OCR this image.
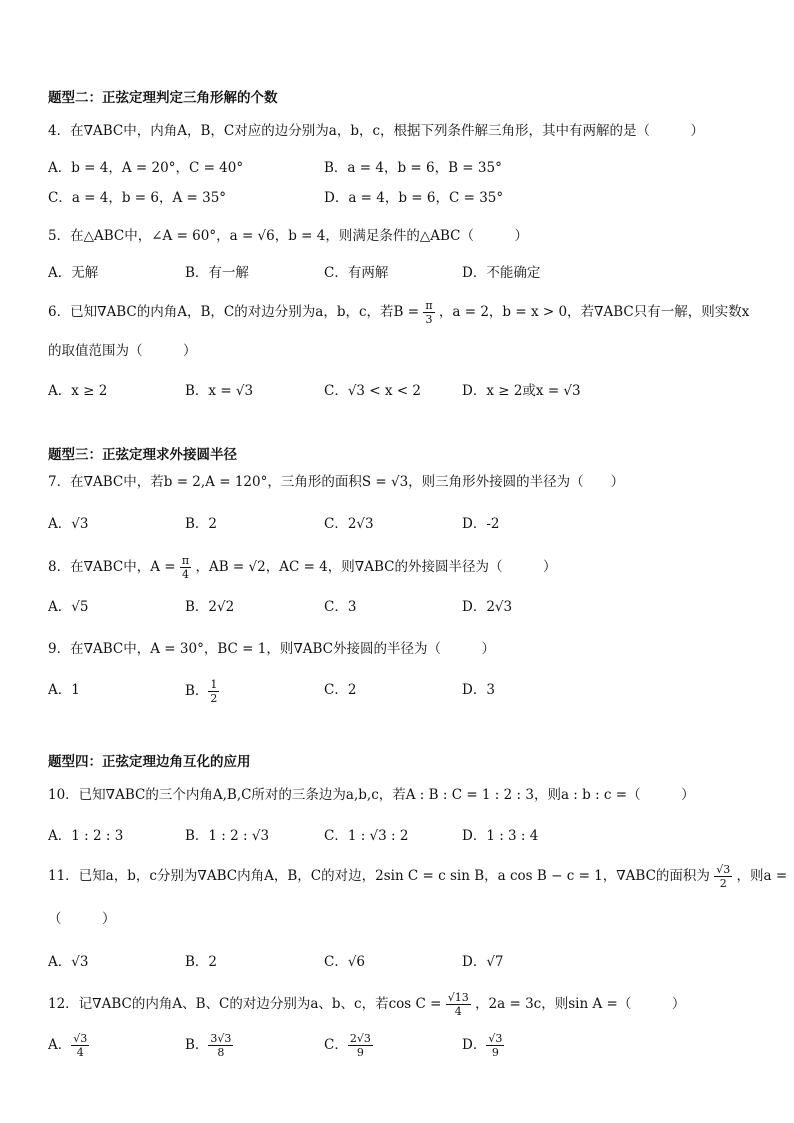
题型二：正弦定理判定三角形解的个数
4．在∇ABC中，内角A，B，C对应的边分别为a，b，c，根据下列条件解三角形，其中有两解的是（　　　）
A．b = 4，A = 20°，C = 40°	B．a = 4，b = 6，B = 35°
C．a = 4，b = 6，A = 35°	D．a = 4，b = 6，C = 35°
5．在△ABC中，∠A = 60°，a = √6，b = 4，则满足条件的△ABC（　　　）
A．无解	B．有一解	C．有两解	D．不能确定
6．已知∇ABC的内角A，B，C的对边分别为a，b，c，若$B = \frac{\pi}{3}$ ，a = 2，b = x > 0，若∇ABC只有一解，则实数x
的取值范围为（　　　）
A．x ≥ 2	B．x = √3	C．√3 < x < 2	D．x ≥ 2或x = √3
题型三：正弦定理求外接圆半径
7．在∇ABC中，若b = 2,A = 120°，三角形的面积S = √3，则三角形外接圆的半径为（　　）
A．√3	B．2	C．2√3	D．-2
8．在∇ABC中，$A = \frac{\pi}{4}$ ，AB = √2，AC = 4，则∇ABC的外接圆半径为（　　　）
A．√5	B．2√2	C．3	D．2√3
9．在∇ABC中，A = 30°，BC = 1，则∇ABC外接圆的半径为（　　　）
A．1	B． $\frac{1}{2}$	C．2	D．3
题型四：正弦定理边角互化的应用
10．已知∇ABC的三个内角A,B,C所对的三条边为a,b,c，若A : B : C = 1 : 2 : 3，则a : b : c =（　　　）
A．1 : 2 : 3	B．1 : 2 : √3	C．1 : √3 : 2	D．1 : 3 : 4
11．已知a，b，c分别为∇ABC内角A，B，C的对边，2sin C = c sin B，a cos B − c = 1，∇ABC的面积为 $\frac{√3}{2}$ ，则a =
（　　　）
A．√3	B．2	C．√6	D．√7
12．记∇ABC的内角A、B、C的对边分别为a、b、c，若$\cos C = \frac{√13}{4}$ ，2a = 3c，则sin A =（　　　）
A． $\frac{√3}{4}$	B． $\frac{3√3}{8}$	C． $\frac{2√3}{9}$	D． $\frac{√3}{9}$
